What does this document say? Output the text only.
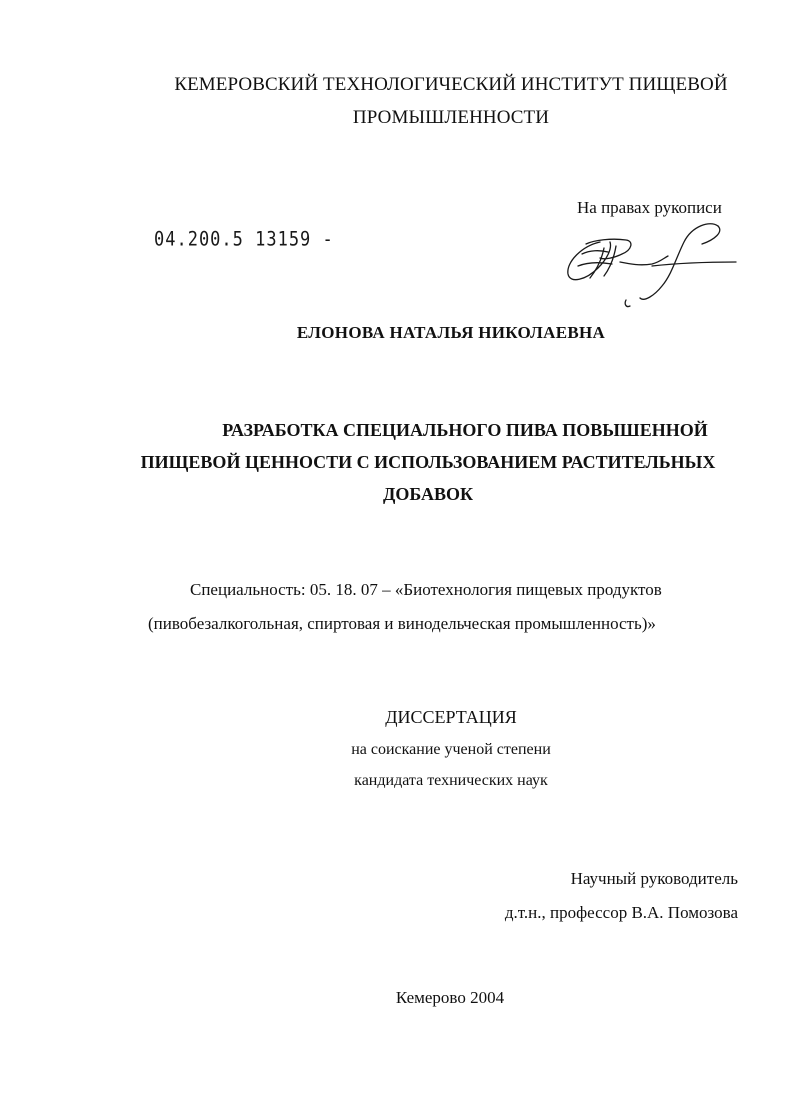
КЕМЕРОВСКИЙ ТЕХНОЛОГИЧЕСКИЙ ИНСТИТУТ ПИЩЕВОЙ
ПРОМЫШЛЕННОСТИ
На правах рукописи
04.200.5 13159 -
ЕЛОНОВА НАТАЛЬЯ НИКОЛАЕВНА
РАЗРАБОТКА СПЕЦИАЛЬНОГО ПИВА ПОВЫШЕННОЙ
ПИЩЕВОЙ ЦЕННОСТИ С ИСПОЛЬЗОВАНИЕМ РАСТИТЕЛЬНЫХ
ДОБАВОК
Специальность: 05. 18. 07 – «Биотехнология пищевых продуктов
(пивобезалкогольная, спиртовая и винодельческая промышленность)»
ДИССЕРТАЦИЯ
на соискание ученой степени
кандидата технических наук
Научный руководитель
д.т.н., профессор В.А. Помозова
Кемерово 2004
